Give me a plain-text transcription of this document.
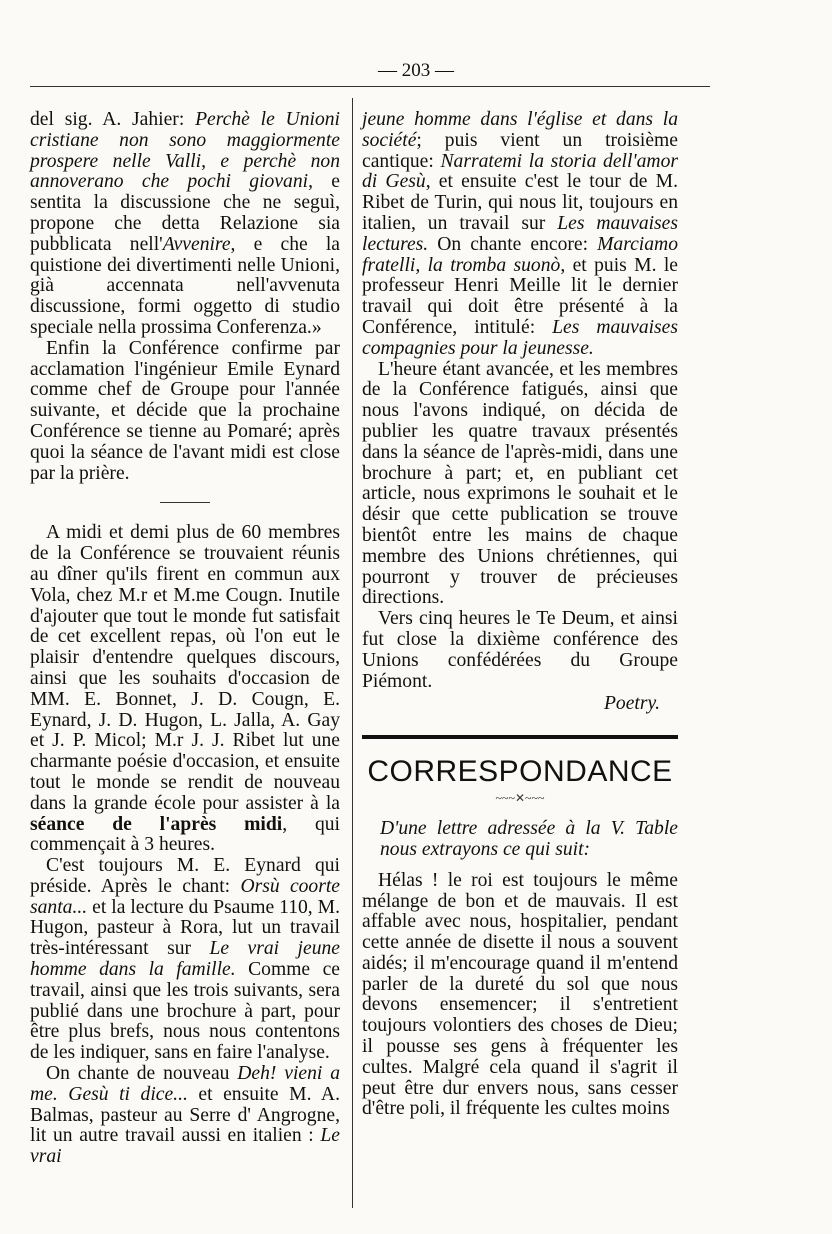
— 203 —

del sig. A. Jahier: Perchè le Unioni cristiane non sono maggiormente prospere nelle Valli, e perchè non annoverano che pochi giovani, e sentita la discussione che ne seguì, propone che detta Relazione sia pubblicata nell'Avvenire, e che la quistione dei divertimenti nelle Unioni, già accennata nell'avvenuta discussione, formi oggetto di studio speciale nella prossima Conferenza.»

Enfin la Conférence confirme par acclamation l'ingénieur Emile Eynard comme chef de Groupe pour l'année suivante, et décide que la prochaine Conférence se tienne au Pomaré; après quoi la séance de l'avant midi est close par la prière.

A midi et demi plus de 60 membres de la Conférence se trouvaient réunis au dîner qu'ils firent en commun aux Vola, chez M.r et M.me Cougn. Inutile d'ajouter que tout le monde fut satisfait de cet excellent repas, où l'on eut le plaisir d'entendre quelques discours, ainsi que les souhaits d'occasion de MM. E. Bonnet, J. D. Cougn, E. Eynard, J. D. Hugon, L. Jalla, A. Gay et J. P. Micol; M.r J. J. Ribet lut une charmante poésie d'occasion, et ensuite tout le monde se rendit de nouveau dans la grande école pour assister à la séance de l'après midi, qui commençait à 3 heures.

C'est toujours M. E. Eynard qui préside. Après le chant: Orsù coorte santa... et la lecture du Psaume 110, M. Hugon, pasteur à Rora, lut un travail très-intéressant sur Le vrai jeune homme dans la famille. Comme ce travail, ainsi que les trois suivants, sera publié dans une brochure à part, pour être plus brefs, nous nous contentons de les indiquer, sans en faire l'analyse.

On chante de nouveau Deh! vieni a me. Gesù ti dice... et ensuite M. A. Balmas, pasteur au Serre d' Angrogne, lit un autre travail aussi en italien : Le vrai

jeune homme dans l'église et dans la société; puis vient un troisième cantique: Narratemi la storia dell'amor di Gesù, et ensuite c'est le tour de M. Ribet de Turin, qui nous lit, toujours en italien, un travail sur Les mauvaises lectures. On chante encore: Marciamo fratelli, la tromba suonò, et puis M. le professeur Henri Meille lit le dernier travail qui doit être présenté à la Conférence, intitulé: Les mauvaises compagnies pour la jeunesse.

L'heure étant avancée, et les membres de la Conférence fatigués, ainsi que nous l'avons indiqué, on décida de publier les quatre travaux présentés dans la séance de l'après-midi, dans une brochure à part; et, en publiant cet article, nous exprimons le souhait et le désir que cette publication se trouve bientôt entre les mains de chaque membre des Unions chrétiennes, qui pourront y trouver de précieuses directions.

Vers cinq heures le Te Deum, et ainsi fut close la dixième conférence des Unions confédérées du Groupe Piémont.

Poetry.
CORRESPONDANCE
~~~✕~~~

D'une lettre adressée à la V. Table nous extrayons ce qui suit:

Hélas ! le roi est toujours le même mélange de bon et de mauvais. Il est affable avec nous, hospitalier, pendant cette année de disette il nous a souvent aidés; il m'encourage quand il m'entend parler de la dureté du sol que nous devons ensemencer; il s'entretient toujours volontiers des choses de Dieu; il pousse ses gens à fréquenter les cultes. Malgré cela quand il s'agrit il peut être dur envers nous, sans cesser d'être poli, il fréquente les cultes moins
